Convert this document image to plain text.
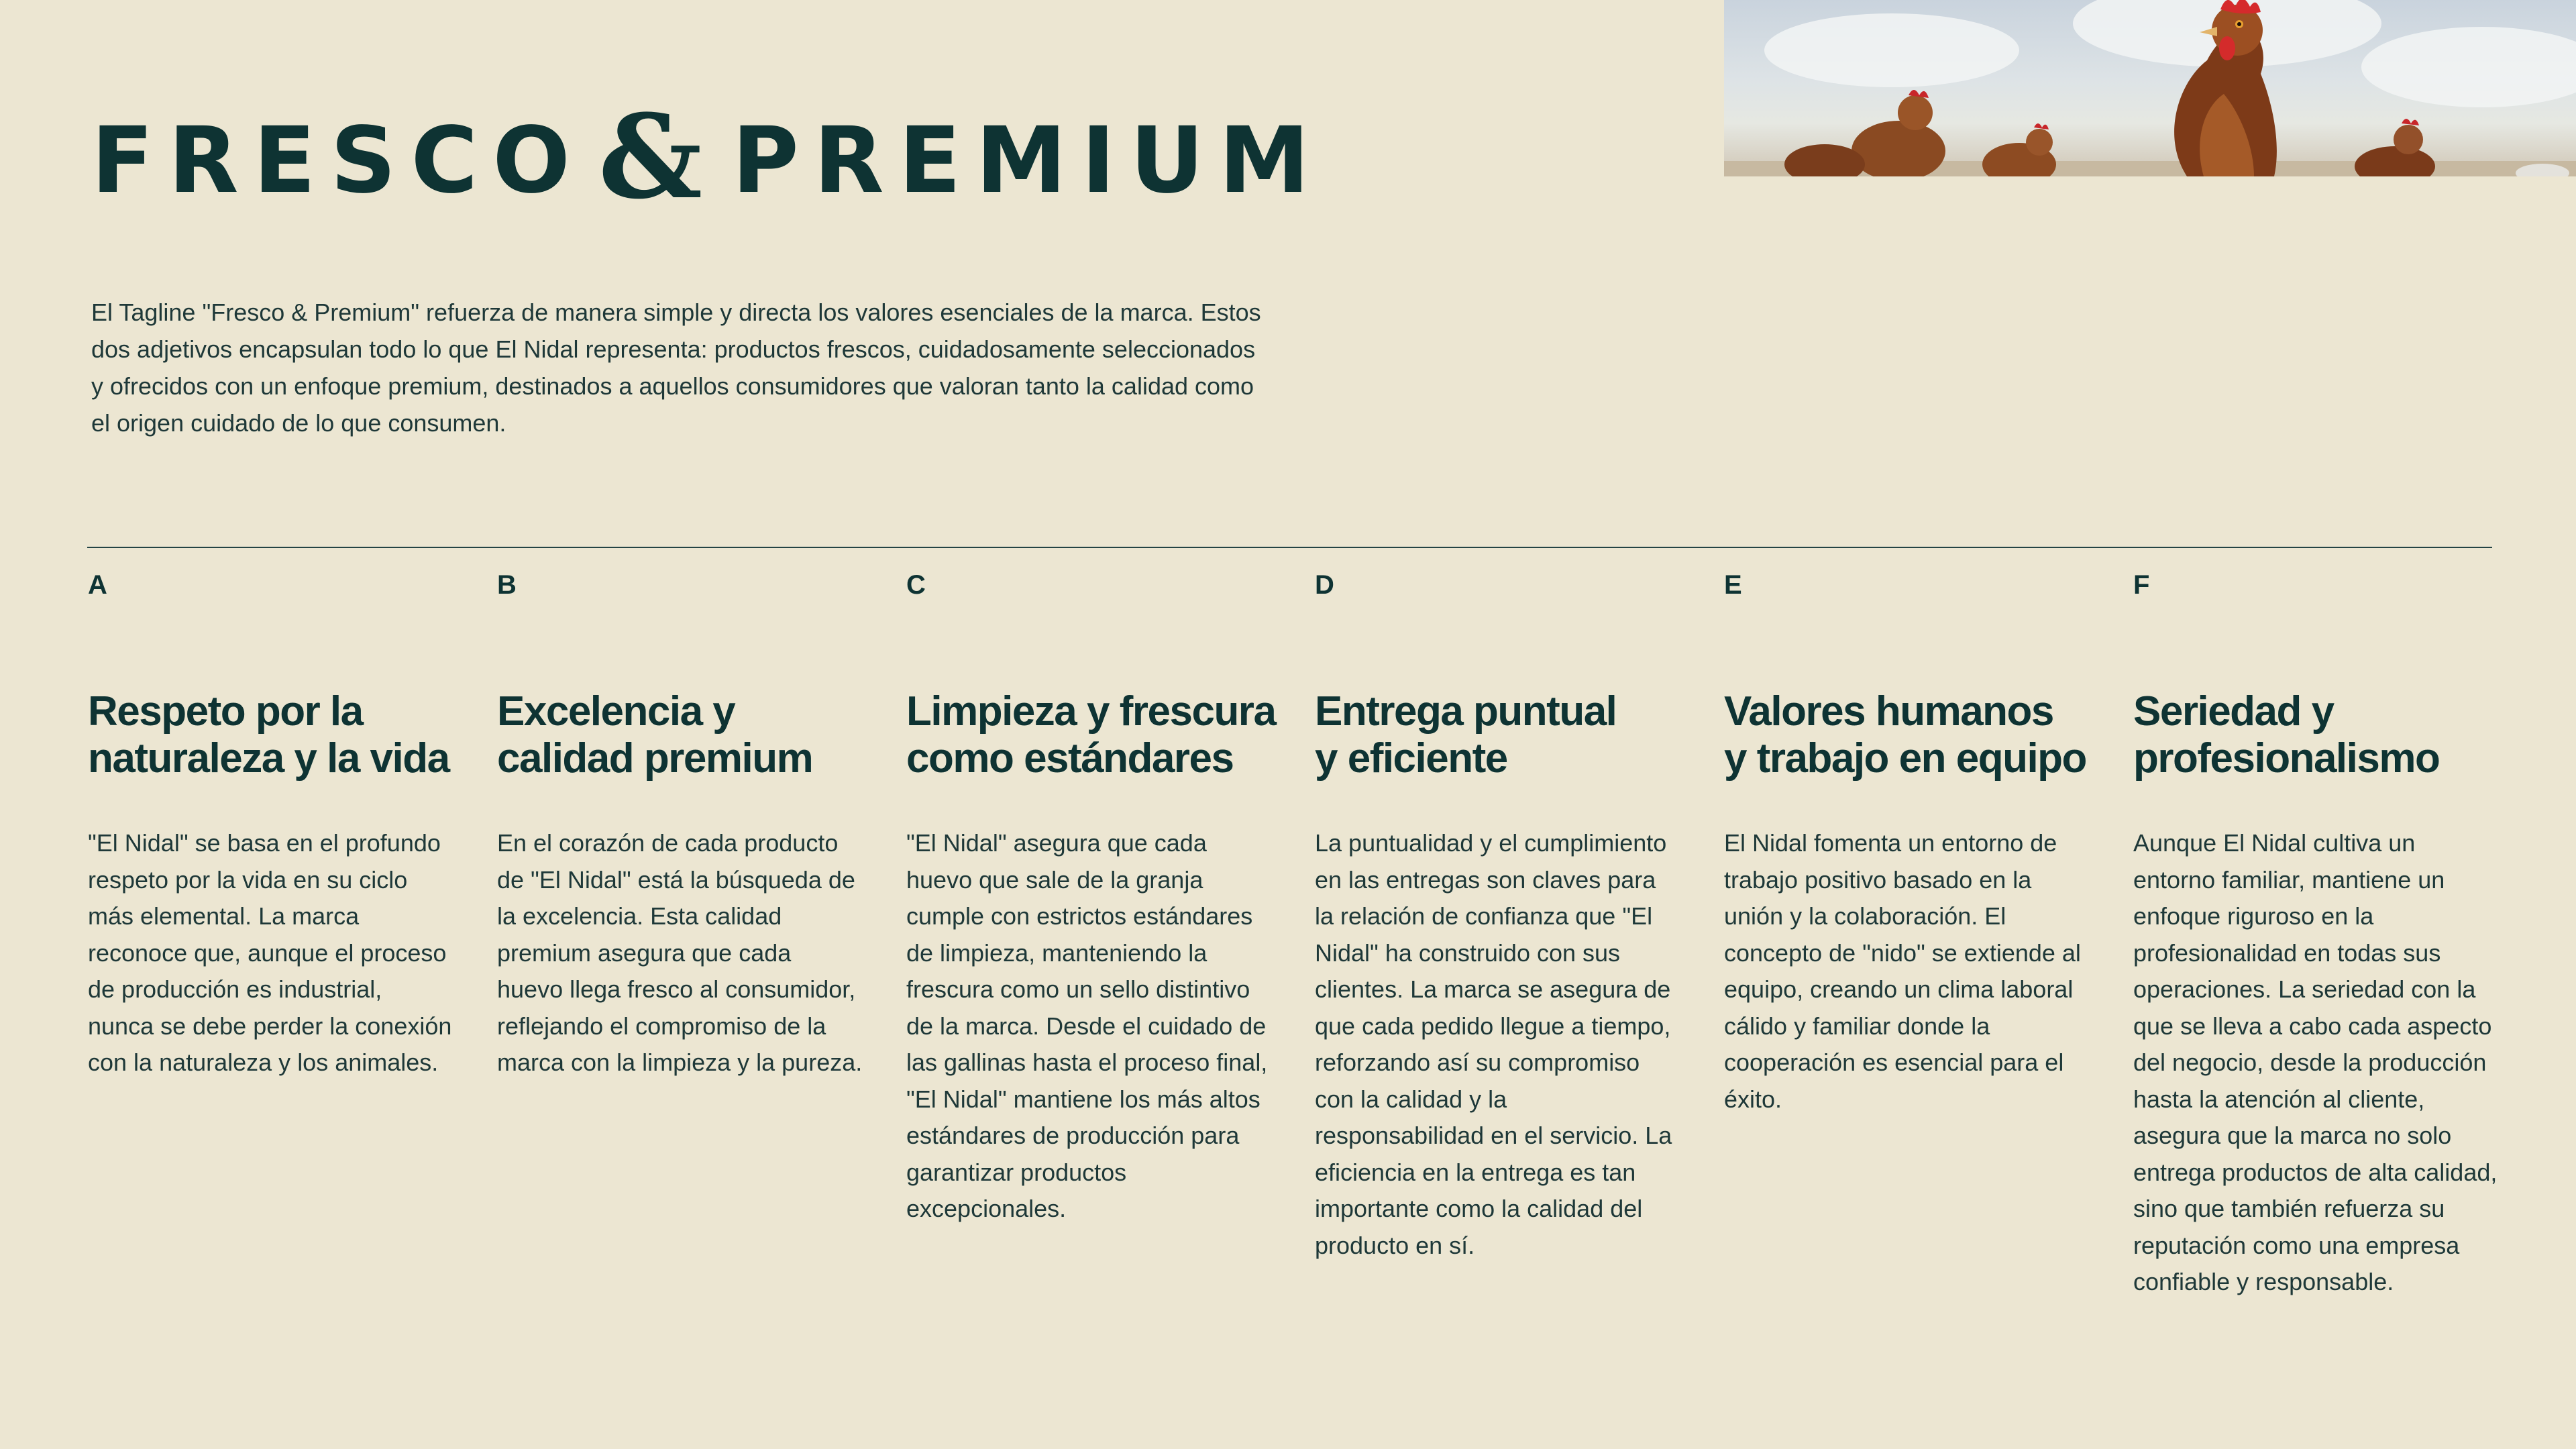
FRESCO & PREMIUM

El Tagline "Fresco & Premium" refuerza de manera simple y directa los valores esenciales de la marca. Estos dos adjetivos encapsulan todo lo que El Nidal representa: productos frescos, cuidadosamente seleccionados y ofrecidos con un enfoque premium, destinados a aquellos consumidores que valoran tanto la calidad como el origen cuidado de lo que consumen.

A

Respeto por la
naturaleza y la vida

"El Nidal" se basa en el profundo respeto por la vida en su ciclo más elemental. La marca reconoce que, aunque el proceso de producción es industrial, nunca se debe perder la conexión con la naturaleza y los animales.

B

Excelencia y
calidad premium

En el corazón de cada producto de "El Nidal" está la búsqueda de la excelencia. Esta calidad premium asegura que cada huevo llega fresco al consumidor, reflejando el compromiso de la marca con la limpieza y la pureza.

C

Limpieza y frescura
como estándares

"El Nidal" asegura que cada huevo que sale de la granja cumple con estrictos estándares de limpieza, manteniendo la frescura como un sello distintivo de la marca. Desde el cuidado de las gallinas hasta el proceso final, "El Nidal" mantiene los más altos estándares de producción para garantizar productos excepcionales.

D

Entrega puntual
y eficiente

La puntualidad y el cumplimiento en las entregas son claves para la relación de confianza que "El Nidal" ha construido con sus clientes. La marca se asegura de que cada pedido llegue a tiempo, reforzando así su compromiso con la calidad y la responsabilidad en el servicio. La eficiencia en la entrega es tan importante como la calidad del producto en sí.

E

Valores humanos
y trabajo en equipo

El Nidal fomenta un entorno de trabajo positivo basado en la unión y la colaboración. El concepto de "nido" se extiende al equipo, creando un clima laboral cálido y familiar donde la cooperación es esencial para el éxito.

F

Seriedad y
profesionalismo

Aunque El Nidal cultiva un entorno familiar, mantiene un enfoque riguroso en la profesionalidad en todas sus operaciones. La seriedad con la que se lleva a cabo cada aspecto del negocio, desde la producción hasta la atención al cliente, asegura que la marca no solo entrega productos de alta calidad, sino que también refuerza su reputación como una empresa confiable y responsable.
